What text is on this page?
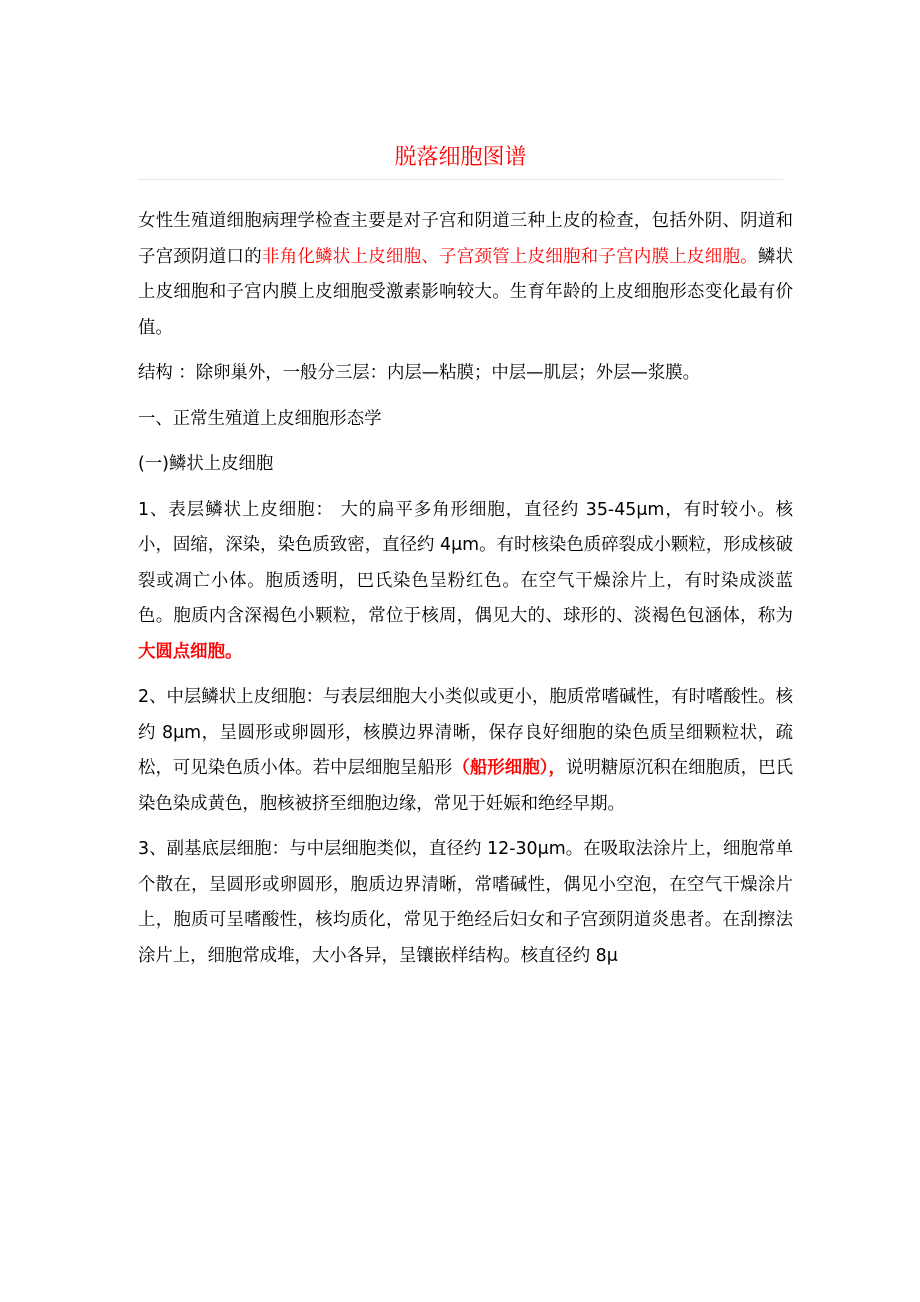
脱落细胞图谱

女性生殖道细胞病理学检查主要是对子宫和阴道三种上皮的检查，包括外阴、阴道和子宫颈阴道口的非角化鳞状上皮细胞、子宫颈管上皮细胞和子宫内膜上皮细胞。鳞状上皮细胞和子宫内膜上皮细胞受激素影响较大。生育年龄的上皮细胞形态变化最有价值。

结构 ：除卵巢外，一般分三层：内层—粘膜；中层—肌层；外层—浆膜。

一、正常生殖道上皮细胞形态学

(一)鳞状上皮细胞

1、表层鳞状上皮细胞： 大的扁平多角形细胞，直径约 35-45μm，有时较小。核小，固缩，深染，染色质致密，直径约 4μm。有时核染色质碎裂成小颗粒，形成核破裂或凋亡小体。胞质透明，巴氏染色呈粉红色。在空气干燥涂片上，有时染成淡蓝色。胞质内含深褐色小颗粒，常位于核周，偶见大的、球形的、淡褐色包涵体，称为大圆点细胞。

2、中层鳞状上皮细胞：与表层细胞大小类似或更小，胞质常嗜碱性，有时嗜酸性。核约 8μm，呈圆形或卵圆形，核膜边界清晰，保存良好细胞的染色质呈细颗粒状，疏松，可见染色质小体。若中层细胞呈船形（船形细胞），说明糖原沉积在细胞质，巴氏染色染成黄色，胞核被挤至细胞边缘，常见于妊娠和绝经早期。

3、副基底层细胞：与中层细胞类似，直径约 12-30μm。在吸取法涂片上，细胞常单个散在，呈圆形或卵圆形，胞质边界清晰，常嗜碱性，偶见小空泡，在空气干燥涂片上，胞质可呈嗜酸性，核均质化，常见于绝经后妇女和子宫颈阴道炎患者。在刮擦法涂片上，细胞常成堆，大小各异，呈镶嵌样结构。核直径约 8μ
